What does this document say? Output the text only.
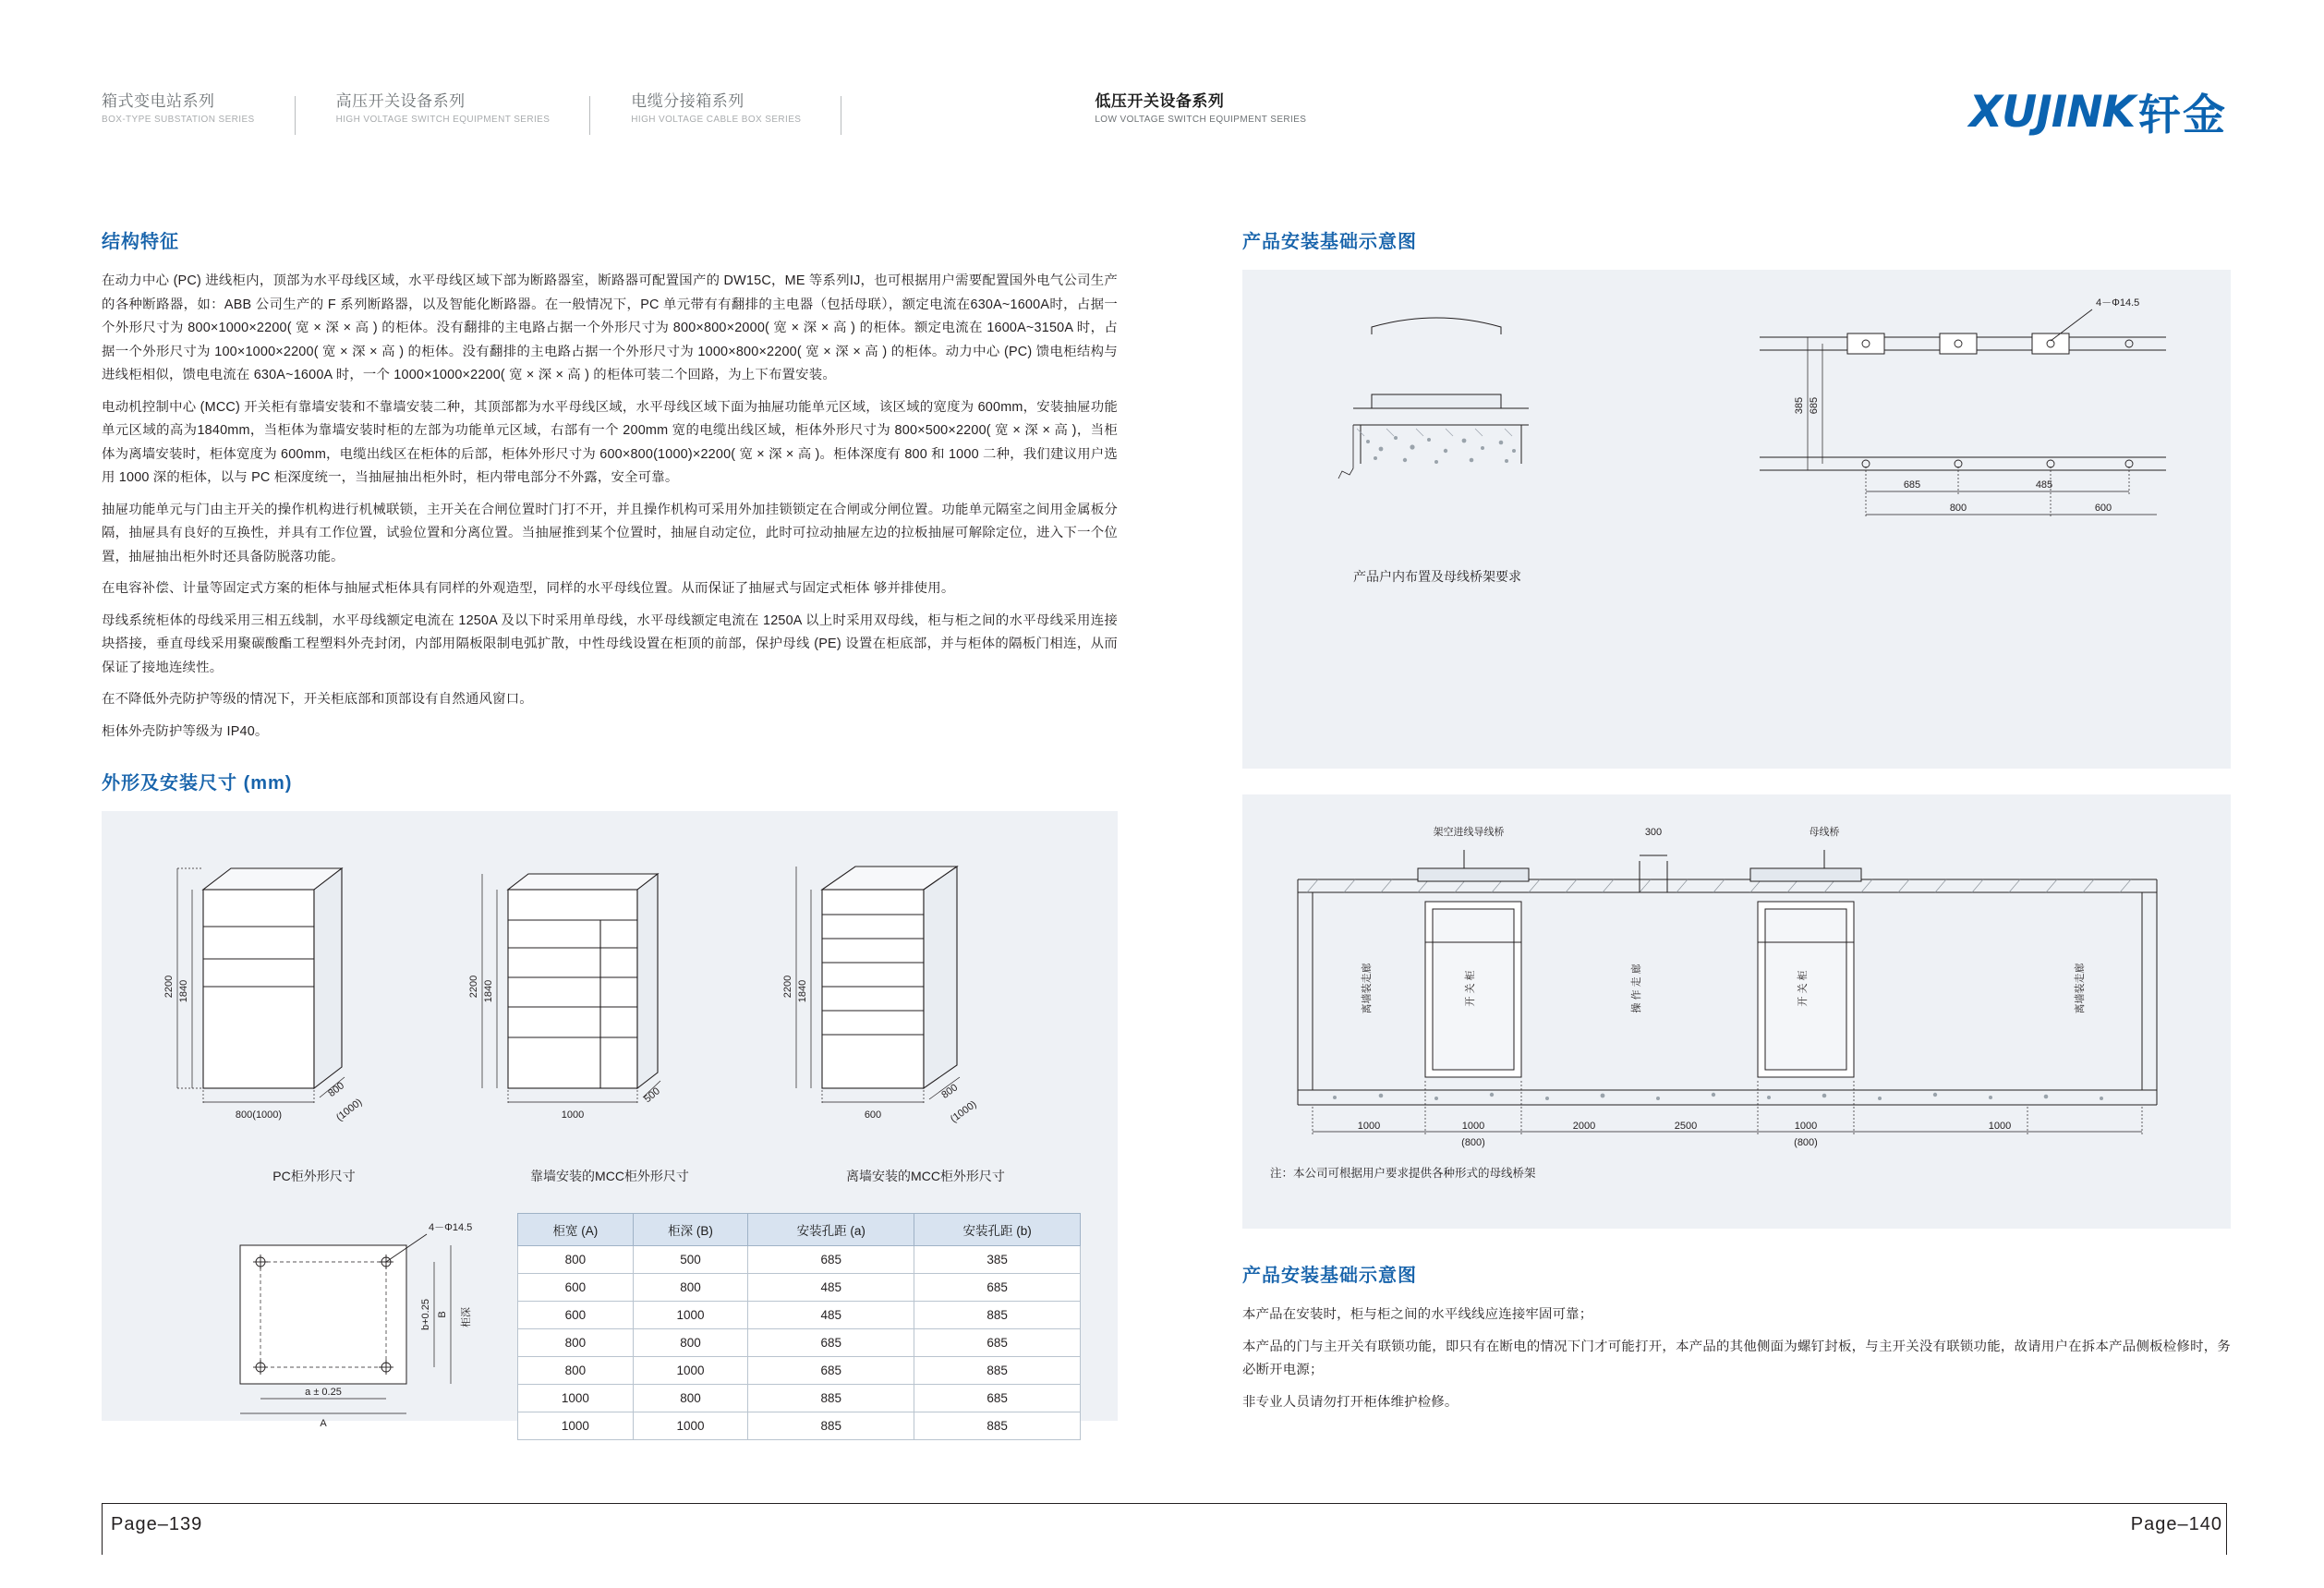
箱式变电站系列
BOX-TYPE SUBSTATION SERIES
高压开关设备系列
HIGH VOLTAGE SWITCH EQUIPMENT SERIES
电缆分接箱系列
HIGH VOLTAGE CABLE BOX SERIES
低压开关设备系列
LOW VOLTAGE SWITCH EQUIPMENT SERIES	XUJINK 轩金
结构特征

在动力中心 (PC) 进线柜内，顶部为水平母线区域，水平母线区域下部为断路器室，断路器可配置国产的 DW15C，ME 等系列IJ，也可根据用户需要配置国外电气公司生产的各种断路器，如：ABB 公司生产的 F 系列断路器，以及智能化断路器。在一般情况下，PC 单元带有有翻排的主电器（包括母联），额定电流在630A~1600A时，占据一个外形尺寸为 800×1000×2200( 宽 × 深 × 高 ) 的柜体。没有翻排的主电路占据一个外形尺寸为 800×800×2000( 宽 × 深 × 高 ) 的柜体。额定电流在 1600A~3150A 时，占据一个外形尺寸为 100×1000×2200( 宽 × 深 × 高 ) 的柜体。没有翻排的主电路占据一个外形尺寸为 1000×800×2200( 宽 × 深 × 高 ) 的柜体。动力中心 (PC) 馈电柜结构与进线柜相似，馈电电流在 630A~1600A 时，一个 1000×1000×2200( 宽 × 深 × 高 ) 的柜体可装二个回路，为上下布置安装。

电动机控制中心 (MCC) 开关柜有靠墙安装和不靠墙安装二种，其顶部都为水平母线区域，水平母线区域下面为抽屉功能单元区域，该区域的宽度为 600mm，安装抽屉功能单元区域的高为1840mm，当柜体为靠墙安装时柜的左部为功能单元区域，右部有一个 200mm 宽的电缆出线区域，柜体外形尺寸为 800×500×2200( 宽 × 深 × 高 )，当柜体为离墙安装时，柜体宽度为 600mm，电缆出线区在柜体的后部，柜体外形尺寸为 600×800(1000)×2200( 宽 × 深 × 高 )。柜体深度有 800 和 1000 二种，我们建议用户选用 1000 深的柜体，以与 PC 柜深度统一，当抽屉抽出柜外时，柜内带电部分不外露，安全可靠。

抽屉功能单元与门由主开关的操作机构进行机械联锁，主开关在合闸位置时门打不开，并且操作机构可采用外加挂锁锁定在合闸或分闸位置。功能单元隔室之间用金属板分隔，抽屉具有良好的互换性，并具有工作位置，试验位置和分离位置。当抽屉推到某个位置时，抽屉自动定位，此时可拉动抽屉左边的拉板抽屉可解除定位，进入下一个位置，抽屉抽出柜外时还具备防脱落功能。

在电容补偿、计量等固定式方案的柜体与抽屉式柜体具有同样的外观造型，同样的水平母线位置。从而保证了抽屉式与固定式柜体 够并排使用。

母线系统柜体的母线采用三相五线制，水平母线额定电流在 1250A 及以下时采用单母线，水平母线额定电流在 1250A 以上时采用双母线，柜与柜之间的水平母线采用连接块搭接，垂直母线采用聚碳酸酯工程塑料外壳封闭，内部用隔板限制电弧扩散，中性母线设置在柜顶的前部，保护母线 (PE) 设置在柜底部，并与柜体的隔板门相连，从而保证了接地连续性。

在不降低外壳防护等级的情况下，开关柜底部和顶部设有自然通风窗口。

柜体外壳防护等级为 IP40。

外形及安装尺寸 (mm)
2200 1840
800(1000)
800
(1000)
PC柜外形尺寸
2200 1840
1000
500
靠墙安装的MCC柜外形尺寸
2200 1840
600
800
(1000)
离墙安装的MCC柜外形尺寸
4－Φ14.5
a ± 0.25
A
b+0.25 B 柜深
柜宽 (A)	柜深 (B)	安装孔距 (a)	安装孔距 (b)
800	500	685	385
600	800	485	685
600	1000	485	885
800	800	685	685
800	1000	685	885
1000	800	885	685
1000	1000	885	885
产品安装基础示意图
产品户内布置及母线桥架要求
4－Φ14.5
685
385
685	485
800	600
架空进线导线桥	300	母线桥
离墙装走廊	开 关 柜	操 作 走 廊	开 关 柜	离墙装走廊
1000	1000
(800)
2000	2500	1000
(800)
1000
注：本公司可根据用户要求提供各种形式的母线桥架
产品安装基础示意图

本产品在安装时，柜与柜之间的水平线线应连接牢固可靠；

本产品的门与主开关有联锁功能，即只有在断电的情况下门才可能打开，本产品的其他侧面为螺钉封板，与主开关没有联锁功能，故请用户在拆本产品侧板检修时，务必断开电源；

非专业人员请勿打开柜体维护检修。

Page–139	Page–140
